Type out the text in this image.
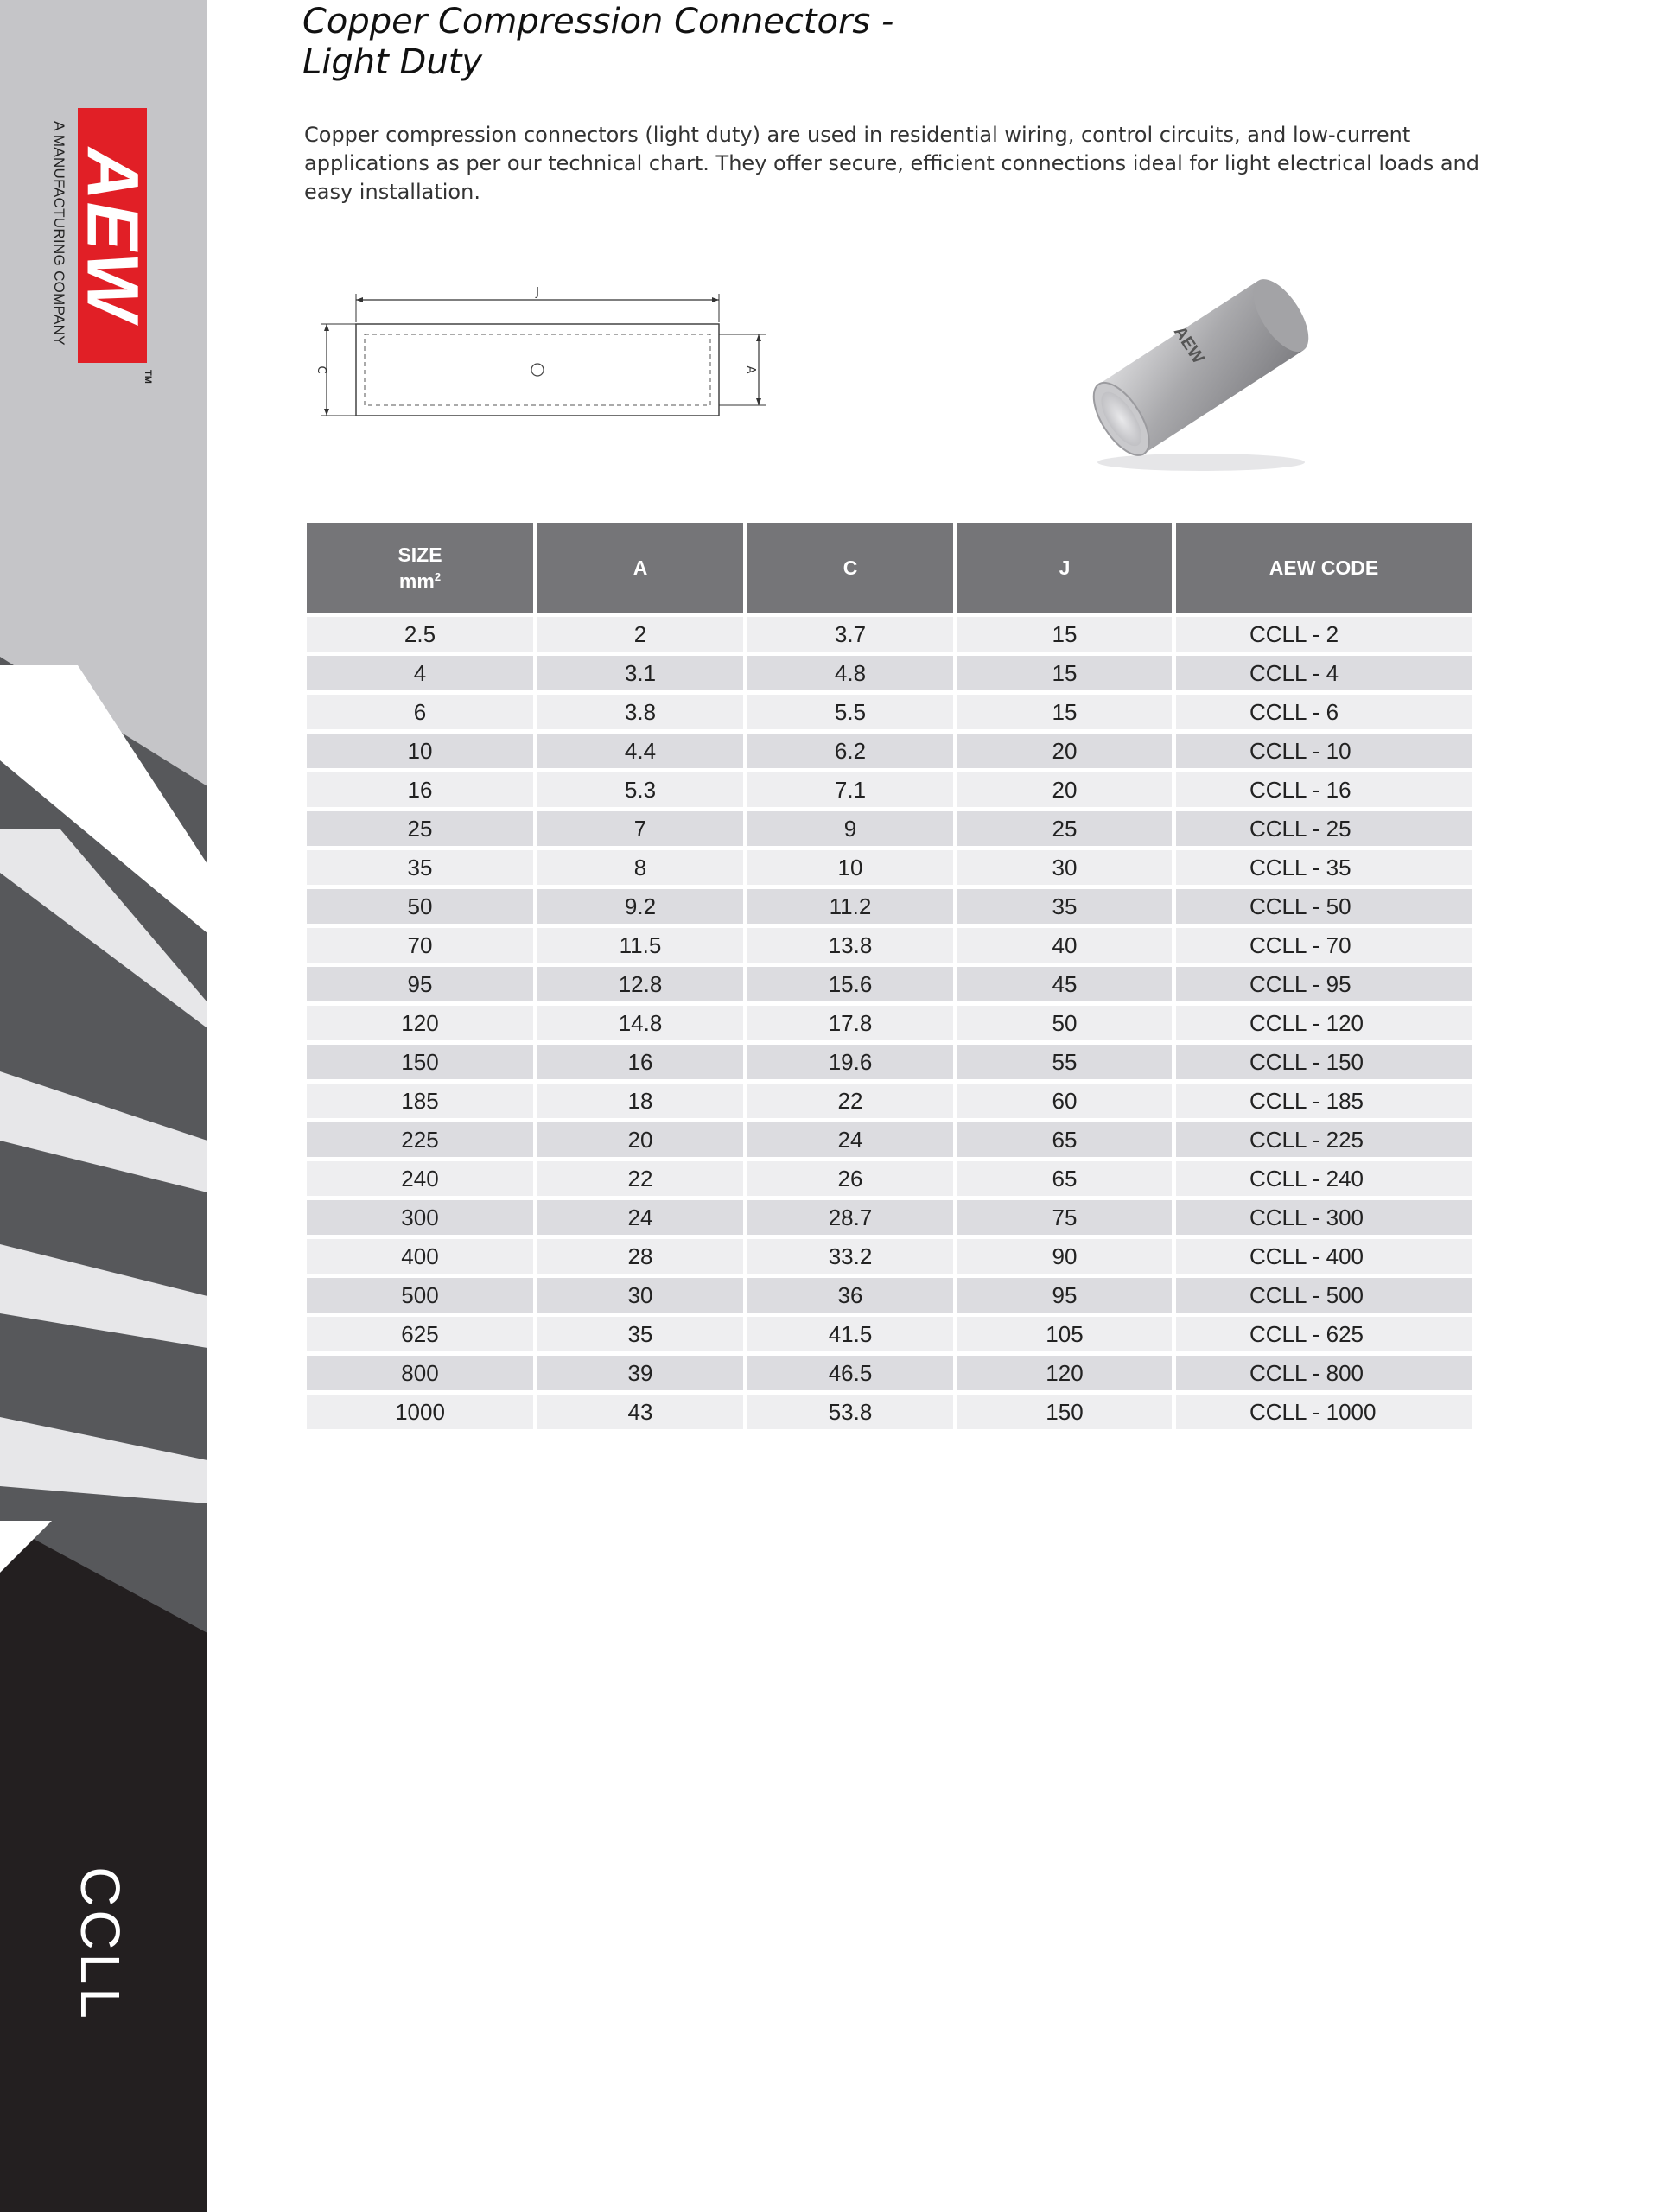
AEW
A MANUFACTURING COMPANY
TM
CCLL
Copper Compression Connectors -
Light Duty

Copper compression connectors (light duty) are used in residential wiring, control circuits, and low-current applications as per our technical chart. They offer secure, efficient connections ideal for light electrical loads and easy installation.

J
C	A
AEW
SIZE
$mm^2$	A	C	J	AEW CODE
2.5	2	3.7	15	CCLL - 2
4	3.1	4.8	15	CCLL - 4
6	3.8	5.5	15	CCLL - 6
10	4.4	6.2	20	CCLL - 10
16	5.3	7.1	20	CCLL - 16
25	7	9	25	CCLL - 25
35	8	10	30	CCLL - 35
50	9.2	11.2	35	CCLL - 50
70	11.5	13.8	40	CCLL - 70
95	12.8	15.6	45	CCLL - 95
120	14.8	17.8	50	CCLL - 120
150	16	19.6	55	CCLL - 150
185	18	22	60	CCLL - 185
225	20	24	65	CCLL - 225
240	22	26	65	CCLL - 240
300	24	28.7	75	CCLL - 300
400	28	33.2	90	CCLL - 400
500	30	36	95	CCLL - 500
625	35	41.5	105	CCLL - 625
800	39	46.5	120	CCLL - 800
1000	43	53.8	150	CCLL - 1000
